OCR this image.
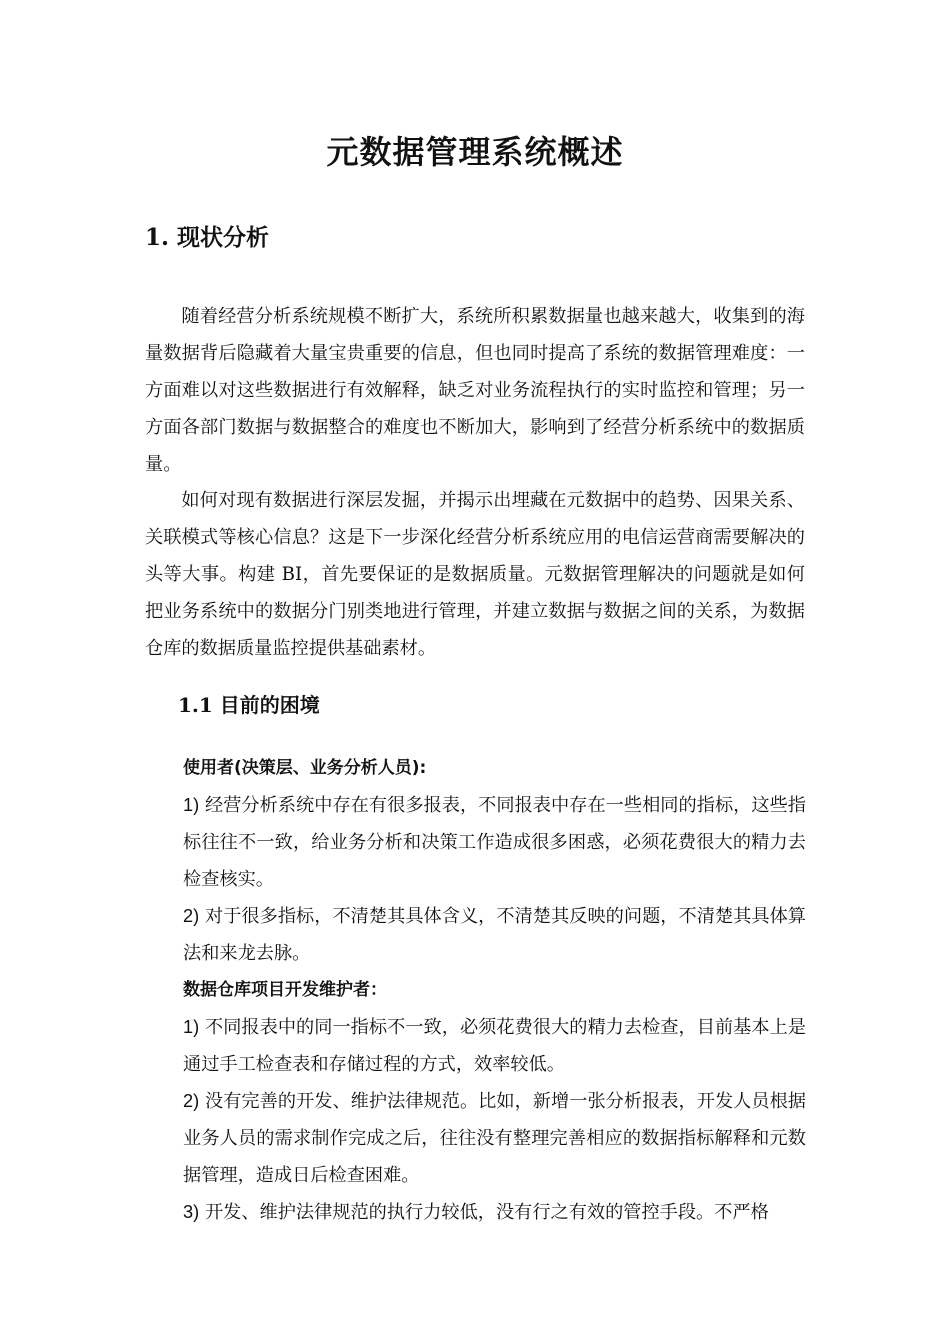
元数据管理系统概述
1. 现状分析

随着经营分析系统规模不断扩大，系统所积累数据量也越来越大，收集到的海量数据背后隐藏着大量宝贵重要的信息，但也同时提高了系统的数据管理难度：一方面难以对这些数据进行有效解释，缺乏对业务流程执行的实时监控和管理；另一方面各部门数据与数据整合的难度也不断加大，影响到了经营分析系统中的数据质量。

如何对现有数据进行深层发掘，并揭示出埋藏在元数据中的趋势、因果关系、关联模式等核心信息？这是下一步深化经营分析系统应用的电信运营商需要解决的头等大事。构建 BI，首先要保证的是数据质量。元数据管理解决的问题就是如何把业务系统中的数据分门别类地进行管理，并建立数据与数据之间的关系，为数据仓库的数据质量监控提供基础素材。

1.1 目前的困境

使用者(决策层、业务分析人员):

1) 经营分析系统中存在有很多报表，不同报表中存在一些相同的指标，这些指标往往不一致，给业务分析和决策工作造成很多困惑，必须花费很大的精力去检查核实。

2) 对于很多指标，不清楚其具体含义，不清楚其反映的问题，不清楚其具体算法和来龙去脉。

数据仓库项目开发维护者：

1) 不同报表中的同一指标不一致，必须花费很大的精力去检查，目前基本上是通过手工检查表和存储过程的方式，效率较低。

2) 没有完善的开发、维护法律规范。比如，新增一张分析报表，开发人员根据业务人员的需求制作完成之后，往往没有整理完善相应的数据指标解释和元数据管理，造成日后检查困难。

3) 开发、维护法律规范的执行力较低，没有行之有效的管控手段。不严格
